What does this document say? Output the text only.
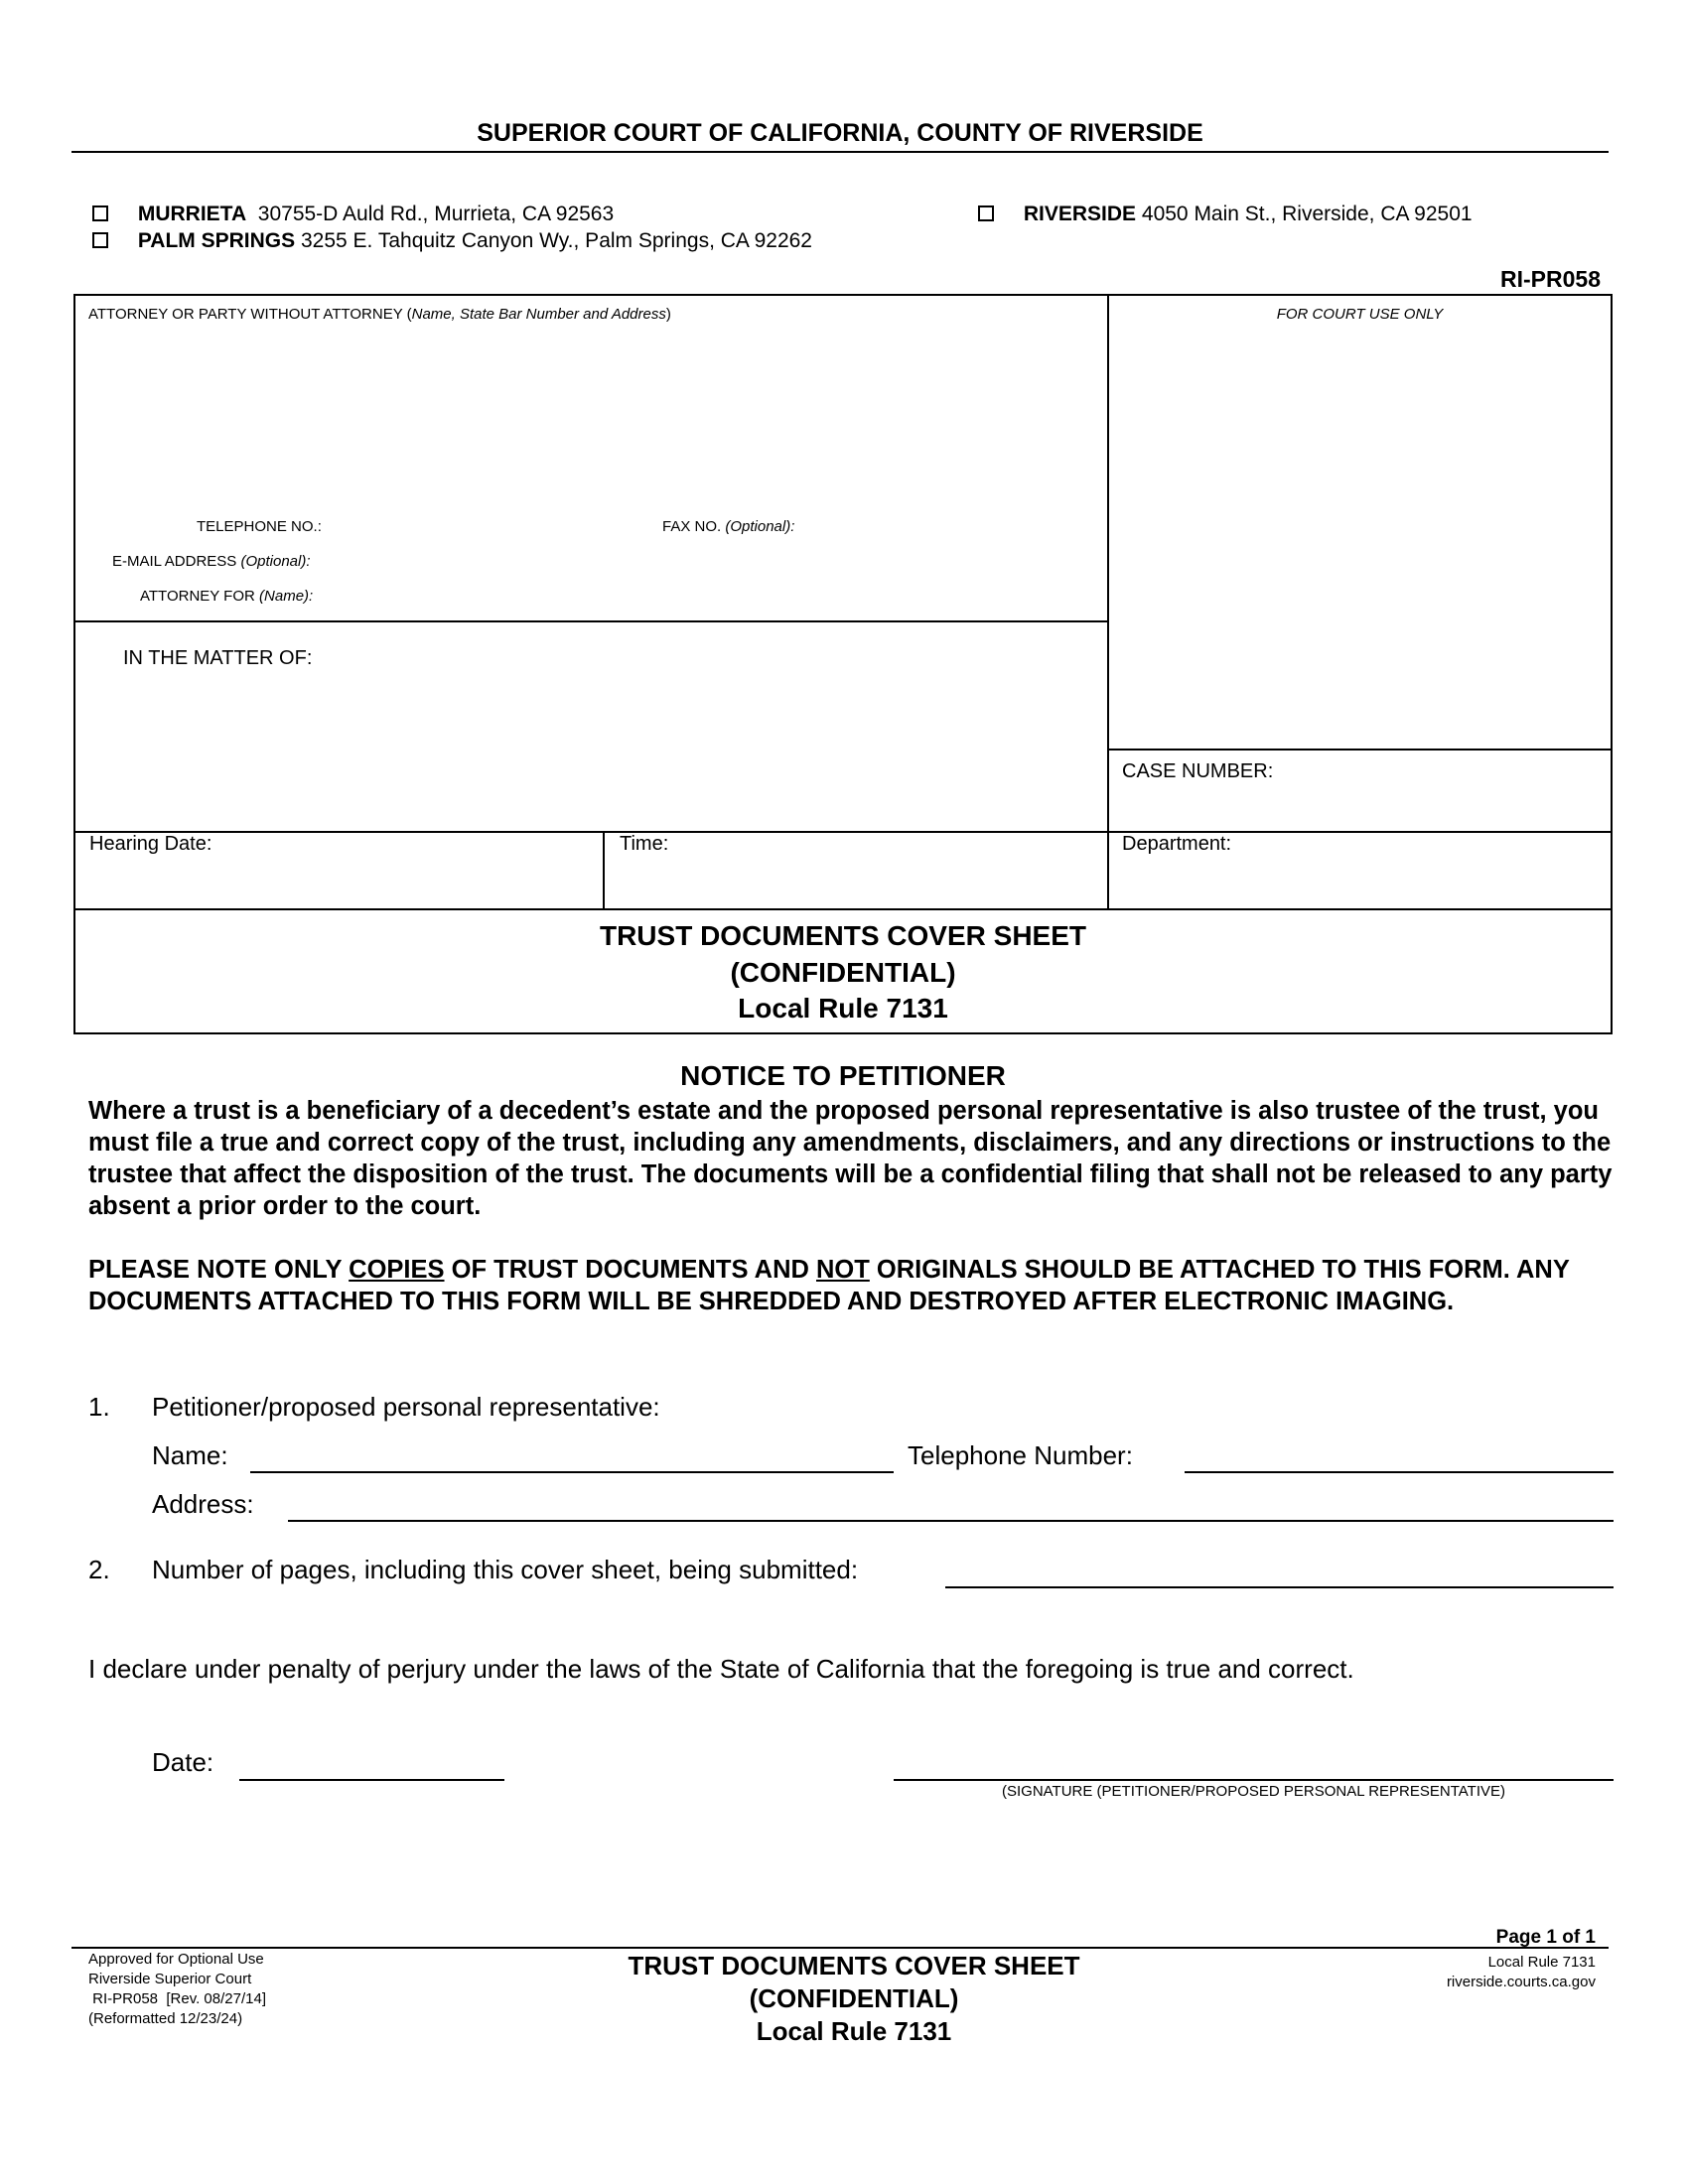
SUPERIOR COURT OF CALIFORNIA, COUNTY OF RIVERSIDE
MURRIETA 30755-D Auld Rd., Murrieta, CA 92563
PALM SPRINGS 3255 E. Tahquitz Canyon Wy., Palm Springs, CA 92262
RIVERSIDE 4050 Main St., Riverside, CA 92501
RI-PR058
ATTORNEY OR PARTY WITHOUT ATTORNEY (Name, State Bar Number and Address)	FOR COURT USE ONLY
TELEPHONE NO.:	FAX NO. (Optional):
E-MAIL ADDRESS (Optional):
ATTORNEY FOR (Name):
IN THE MATTER OF:
CASE NUMBER:
Hearing Date:	Time:	Department:
TRUST DOCUMENTS COVER SHEET
(CONFIDENTIAL)
Local Rule 7131
NOTICE TO PETITIONER
Where a trust is a beneficiary of a decedent’s estate and the proposed personal representative is also trustee of the trust, you must file a true and correct copy of the trust, including any amendments, disclaimers, and any directions or instructions to the trustee that affect the disposition of the trust. The documents will be a confidential filing that shall not be released to any party absent a prior order to the court.
PLEASE NOTE ONLY COPIES OF TRUST DOCUMENTS AND NOT ORIGINALS SHOULD BE ATTACHED TO THIS FORM. ANY DOCUMENTS ATTACHED TO THIS FORM WILL BE SHREDDED AND DESTROYED AFTER ELECTRONIC IMAGING.
1. Petitioner/proposed personal representative:
Name:	Telephone Number:
Address:
2. Number of pages, including this cover sheet, being submitted:
I declare under penalty of perjury under the laws of the State of California that the foregoing is true and correct.
Date:
(SIGNATURE (PETITIONER/PROPOSED PERSONAL REPRESENTATIVE)
Approved for Optional Use
Riverside Superior Court
RI-PR058  [Rev. 08/27/14]
(Reformatted 12/23/24)
TRUST DOCUMENTS COVER SHEET
(CONFIDENTIAL)
Local Rule 7131
Page 1 of 1
Local Rule 7131
riverside.courts.ca.gov
